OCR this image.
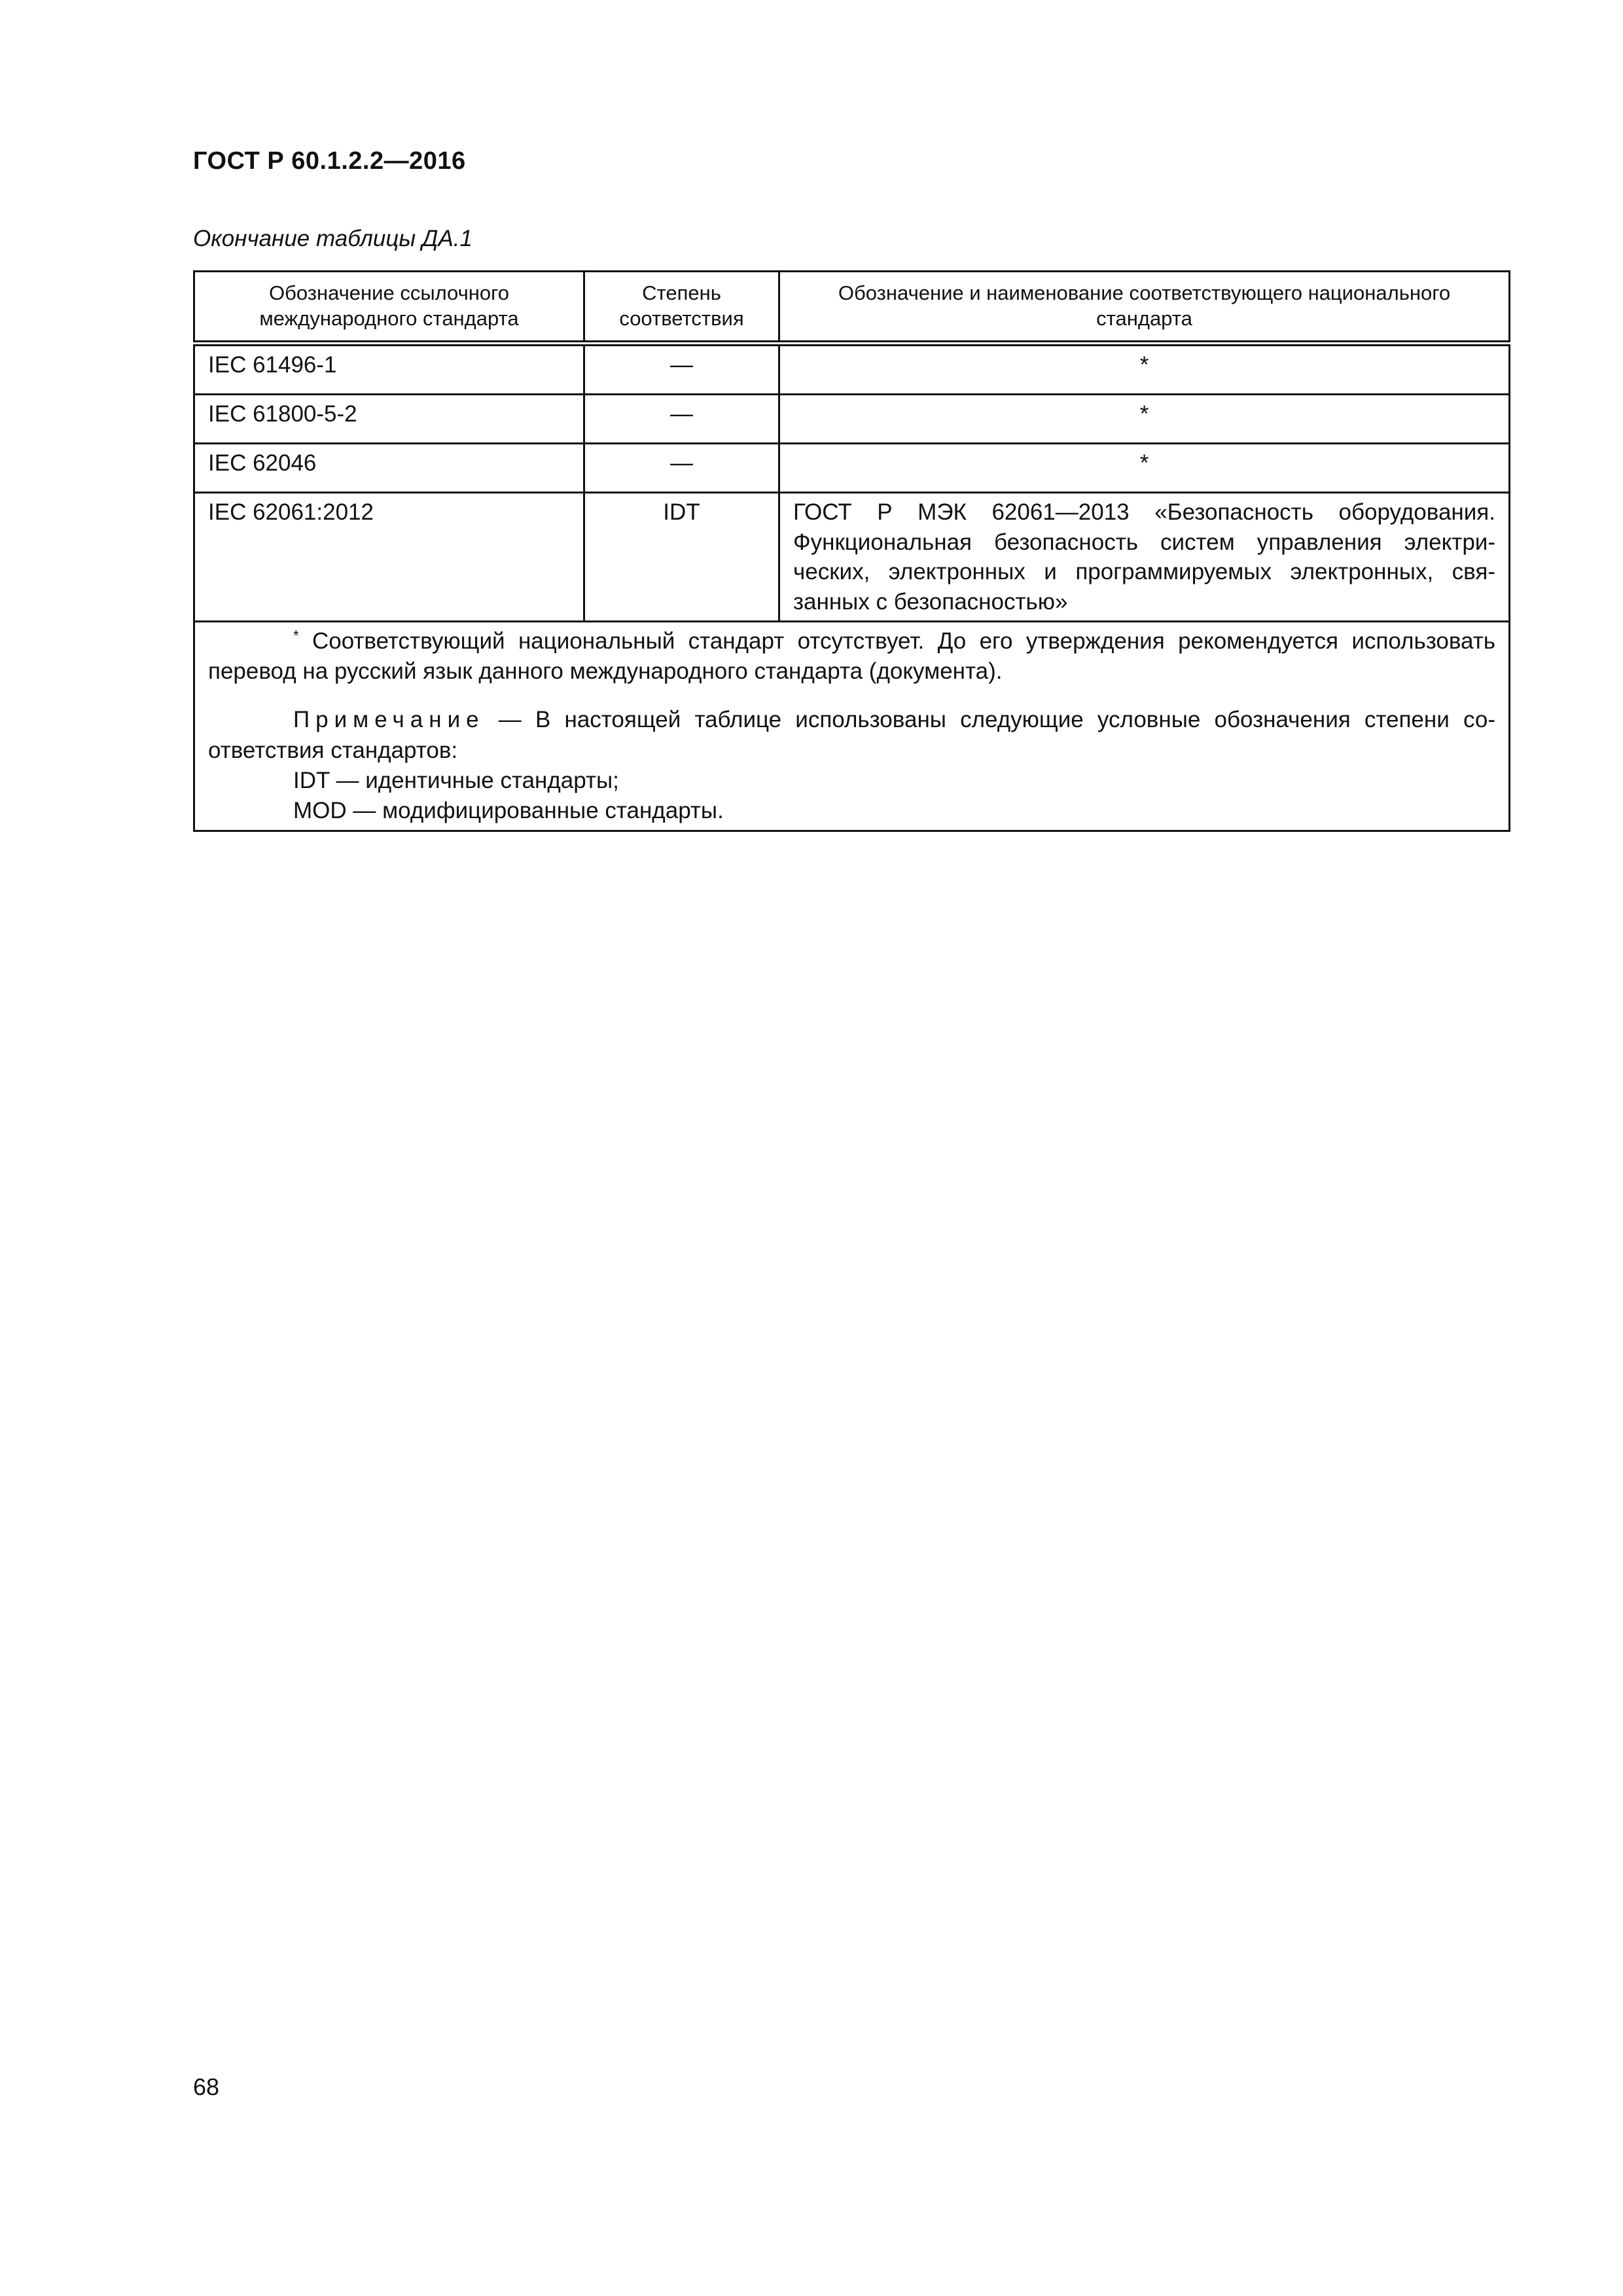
ГОСТ Р 60.1.2.2—2016
Окончание таблицы ДА.1
Обозначение ссылочного международного стандарта	Степень соответствия	Обозначение и наименование соответствующего национального стандарта
IEC 61496-1	—	*
IEC 61800-5-2	—	*
IEC 62046	—	*
IEC 62061:2012	IDT	ГОСТ Р МЭК 62061—2013 «Безопасность оборудования. Функциональная безопасность систем управления электрических, электронных и программируемых электронных, связанных с безопасностью»

* Соответствующий национальный стандарт отсутствует. До его утверждения рекомендуется использовать перевод на русский язык данного международного стандарта (документа).

Примечание — В настоящей таблице использованы следующие условные обозначения степени соответствия стандартов:

IDT — идентичные стандарты;

MOD — модифицированные стандарты.		

68
